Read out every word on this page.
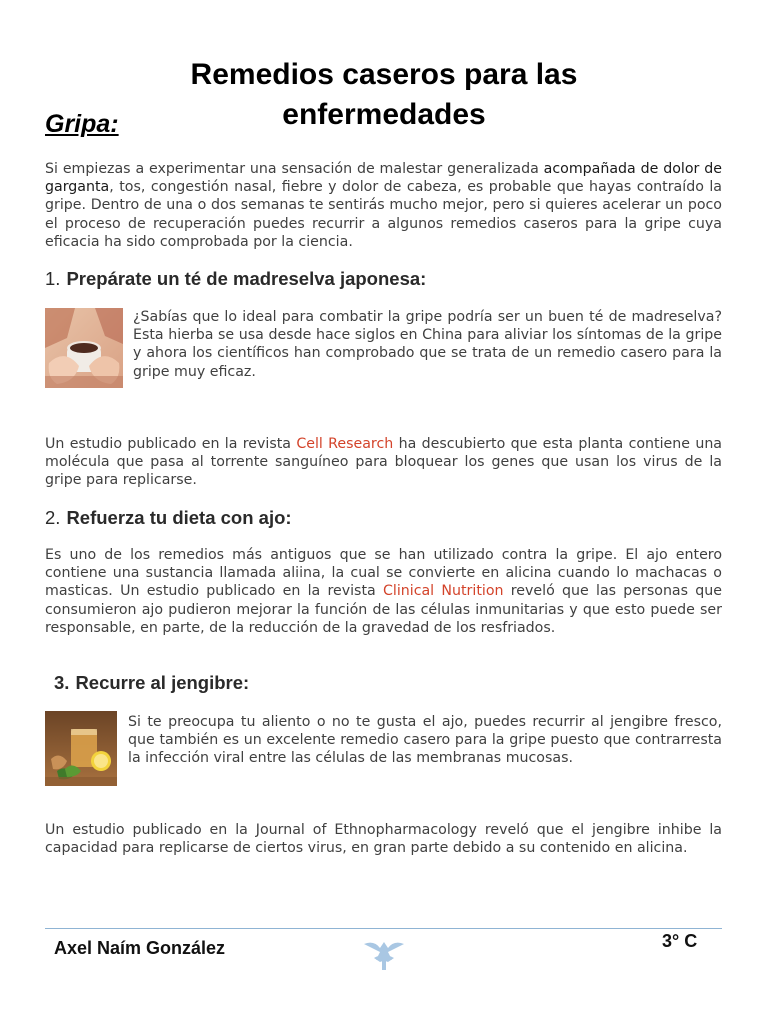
Remedios caseros para las
enfermedades
Gripa:

Si empiezas a experimentar una sensación de malestar generalizada acompañada de dolor de garganta, tos, congestión nasal, fiebre y dolor de cabeza, es probable que hayas contraído la gripe. Dentro de una o dos semanas te sentirás mucho mejor, pero si quieres acelerar un poco el proceso de recuperación puedes recurrir a algunos remedios caseros para la gripe cuya eficacia ha sido comprobada por la ciencia.

1. Prepárate un té de madreselva japonesa:

¿Sabías que lo ideal para combatir la gripe podría ser un buen té de madreselva? Esta hierba se usa desde hace siglos en China para aliviar los síntomas de la gripe y ahora los científicos han comprobado que se trata de un remedio casero para la gripe muy eficaz.

Un estudio publicado en la revista Cell Research ha descubierto que esta planta contiene una molécula que pasa al torrente sanguíneo para bloquear los genes que usan los virus de la gripe para replicarse.

2. Refuerza tu dieta con ajo:

Es uno de los remedios más antiguos que se han utilizado contra la gripe. El ajo entero contiene una sustancia llamada aliina, la cual se convierte en alicina cuando lo machacas o masticas. Un estudio publicado en la revista Clinical Nutrition reveló que las personas que consumieron ajo pudieron mejorar la función de las células inmunitarias y que esto puede ser responsable, en parte, de la reducción de la gravedad de los resfriados.

3. Recurre al jengibre:

Si te preocupa tu aliento o no te gusta el ajo, puedes recurrir al jengibre fresco, que también es un excelente remedio casero para la gripe puesto que contrarresta la infección viral entre las células de las membranas mucosas.

Un estudio publicado en la Journal of Ethnopharmacology reveló que el jengibre inhibe la capacidad para replicarse de ciertos virus, en gran parte debido a su contenido en alicina.

Axel Naím González	3° C
